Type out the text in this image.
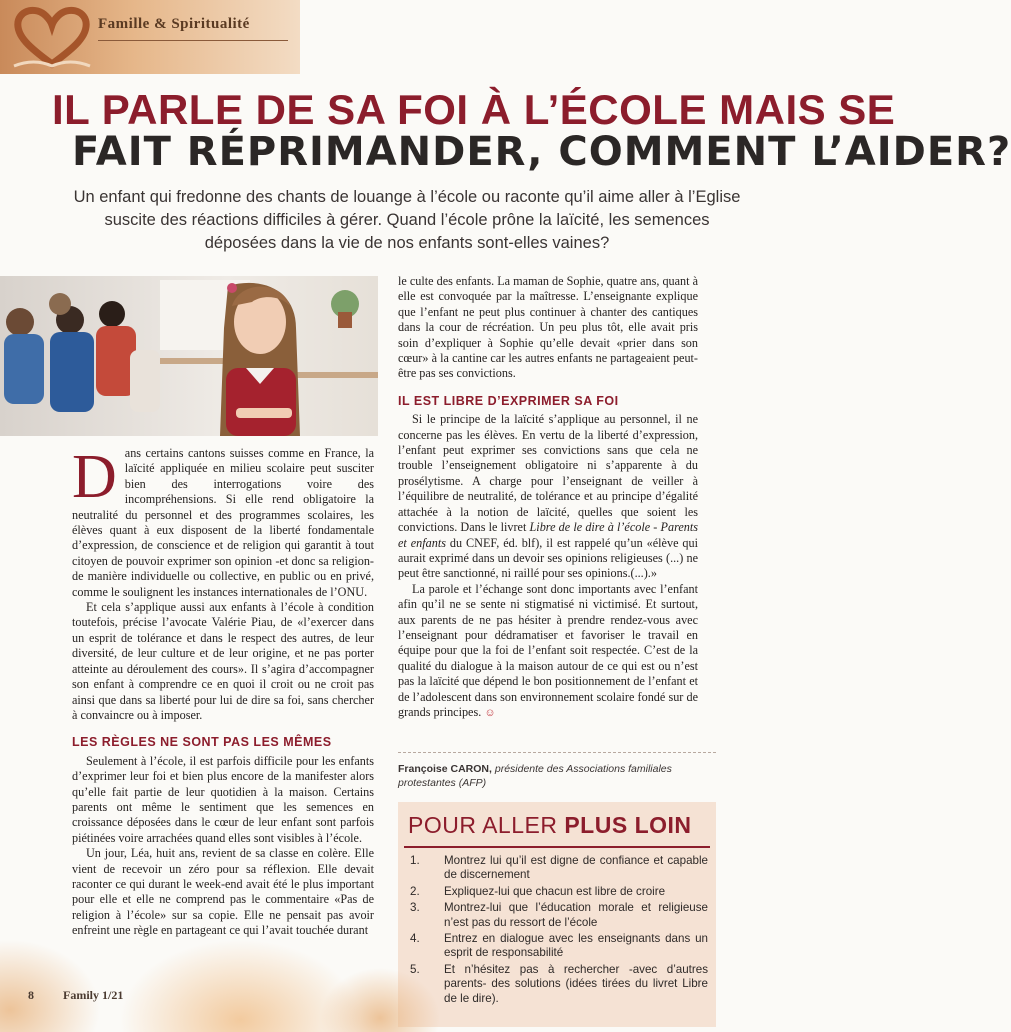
Famille & Spiritualité
IL PARLE DE SA FOI À L’ÉCOLE MAIS SE
FAIT RÉPRIMANDER, COMMENT L’AIDER?

Un enfant qui fredonne des chants de louange à l’école ou raconte qu’il aime aller à l’Eglise suscite des réactions difficiles à gérer. Quand l’école prône la laïcité, les semences déposées dans la vie de nos enfants sont-elles vaines?

D ans certains cantons suisses comme en France, la laïcité appliquée en milieu scolaire peut susciter bien des interrogations voire des incompréhensions. Si elle rend obligatoire la neutralité du personnel et des programmes scolaires, les élèves quant à eux disposent de la liberté fondamentale d’expression, de conscience et de religion qui garantit à tout citoyen de pouvoir exprimer son opinion -et donc sa religion- de manière individuelle ou collective, en public ou en privé, comme le soulignent les instances internationales de l’ONU.

Et cela s’applique aussi aux enfants à l’école à condition toutefois, précise l’avocate Valérie Piau, de «l’exercer dans un esprit de tolérance et dans le respect des autres, de leur diversité, de leur culture et de leur origine, et ne pas porter atteinte au déroulement des cours». Il s’agira d’accompagner son enfant à comprendre ce en quoi il croit ou ne croit pas ainsi que dans sa liberté pour lui de dire sa foi, sans chercher à convaincre ou à imposer.

LES RÈGLES NE SONT PAS LES MÊMES

Seulement à l’école, il est parfois difficile pour les enfants d’exprimer leur foi et bien plus encore de la manifester alors qu’elle fait partie de leur quotidien à la maison. Certains parents ont même le sentiment que les semences en croissance déposées dans le cœur de leur enfant sont parfois piétinées voire arrachées quand elles sont visibles à l’école.

Un jour, Léa, huit ans, revient de sa classe en colère. Elle vient de recevoir un zéro pour sa réflexion. Elle devait raconter ce qui durant le week-end avait été le plus important pour elle et elle ne comprend pas le commentaire «Pas de religion à l’école» sur sa copie. Elle ne pensait pas avoir enfreint une règle en partageant ce qui l’avait touchée durant

le culte des enfants. La maman de Sophie, quatre ans, quant à elle est convoquée par la maîtresse. L’enseignante explique que l’enfant ne peut plus continuer à chanter des cantiques dans la cour de récréation. Un peu plus tôt, elle avait pris soin d’expliquer à Sophie qu’elle devait «prier dans son cœur» à la cantine car les autres enfants ne partageaient peut-être pas ses convictions.

IL EST LIBRE D’EXPRIMER SA FOI

Si le principe de la laïcité s’applique au personnel, il ne concerne pas les élèves. En vertu de la liberté d’expression, l’enfant peut exprimer ses convictions sans que cela ne trouble l’enseignement obligatoire ni s’apparente à du prosélytisme. A charge pour l’enseignant de veiller à l’équilibre de neutralité, de tolérance et au principe d’égalité attachée à la notion de laïcité, quelles que soient les convictions. Dans le livret Libre de le dire à l’école - Parents et enfants du CNEF, éd. blf), il est rappelé qu’un «élève qui aurait exprimé dans un devoir ses opinions religieuses (...) ne peut être sanctionné, ni raillé pour ses opinions.(...).»

La parole et l’échange sont donc importants avec l’enfant afin qu’il ne se sente ni stigmatisé ni victimisé. Et surtout, aux parents de ne pas hésiter à prendre rendez-vous avec l’enseignant pour dédramatiser et favoriser le travail en équipe pour que la foi de l’enfant soit respectée. C’est de la qualité du dialogue à la maison autour de ce qui est ou n’est pas la laïcité que dépend le bon positionnement de l’enfant et de l’adolescent dans son environnement scolaire fondé sur de grands principes. ☺

Françoise CARON, présidente des Associations familiales protestantes (AFP)
POUR ALLER PLUS LOIN
1.	Montrez lui qu’il est digne de confiance et capable de discernement
2.	Expliquez-lui que chacun est libre de croire
3.	Montrez-lui que l’éducation morale et religieuse n’est pas du ressort de l’école
4.	Entrez en dialogue avec les enseignants dans un esprit de responsabilité
5.	Et n’hésitez pas à rechercher -avec d’autres parents- des solutions (idées tirées du livret Libre de le dire).
8 Family 1/21
